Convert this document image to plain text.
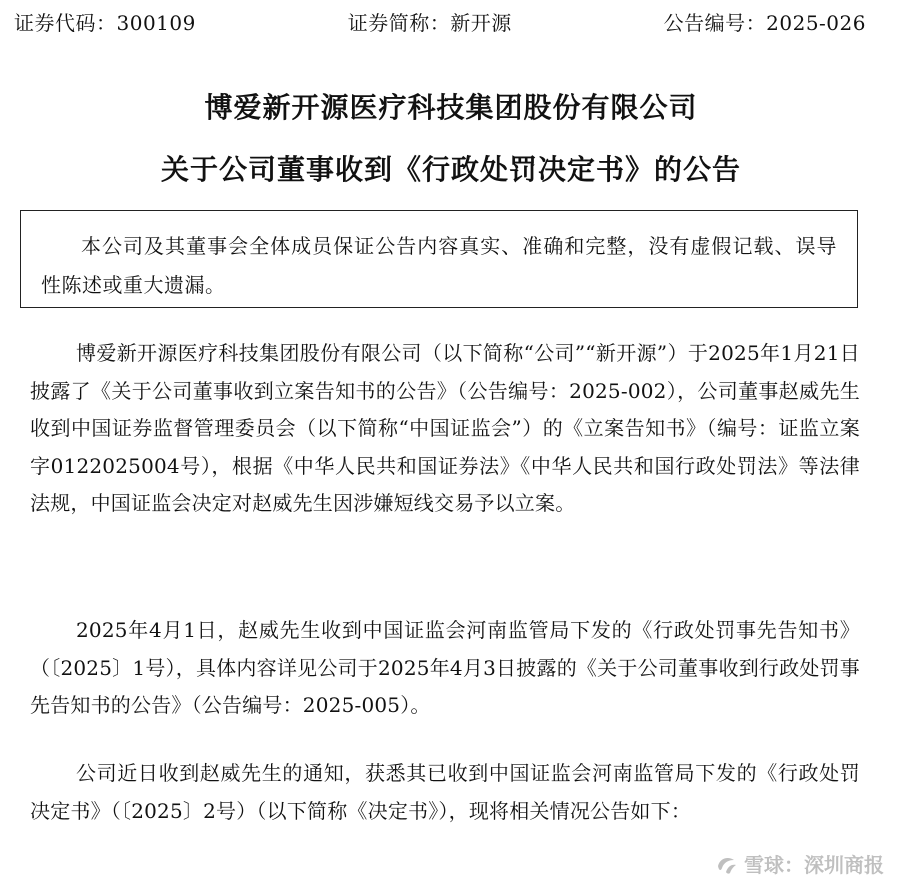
证券代码：300109	证券简称：新开源	公告编号：2025-026
博爱新开源医疗科技集团股份有限公司
关于公司董事收到《行政处罚决定书》的公告
本公司及其董事会全体成员保证公告内容真实、准确和完整，没有虚假记载、误导性陈述或重大遗漏。
博爱新开源医疗科技集团股份有限公司（以下简称“公司”“新开源”）于2025年1月21日披露了《关于公司董事收到立案告知书的公告》（公告编号：2025-002），公司董事赵威先生收到中国证券监督管理委员会（以下简称“中国证监会”）的《立案告知书》（编号：证监立案字0122025004号），根据《中华人民共和国证券法》《中华人民共和国行政处罚法》等法律法规，中国证监会决定对赵威先生因涉嫌短线交易予以立案。
2025年4月1日，赵威先生收到中国证监会河南监管局下发的《行政处罚事先告知书》（〔2025〕1号），具体内容详见公司于2025年4月3日披露的《关于公司董事收到行政处罚事先告知书的公告》（公告编号：2025-005）。
公司近日收到赵威先生的通知，获悉其已收到中国证监会河南监管局下发的《行政处罚决定书》（〔2025〕2号）（以下简称《决定书》），现将相关情况公告如下：
雪球：深圳商报
